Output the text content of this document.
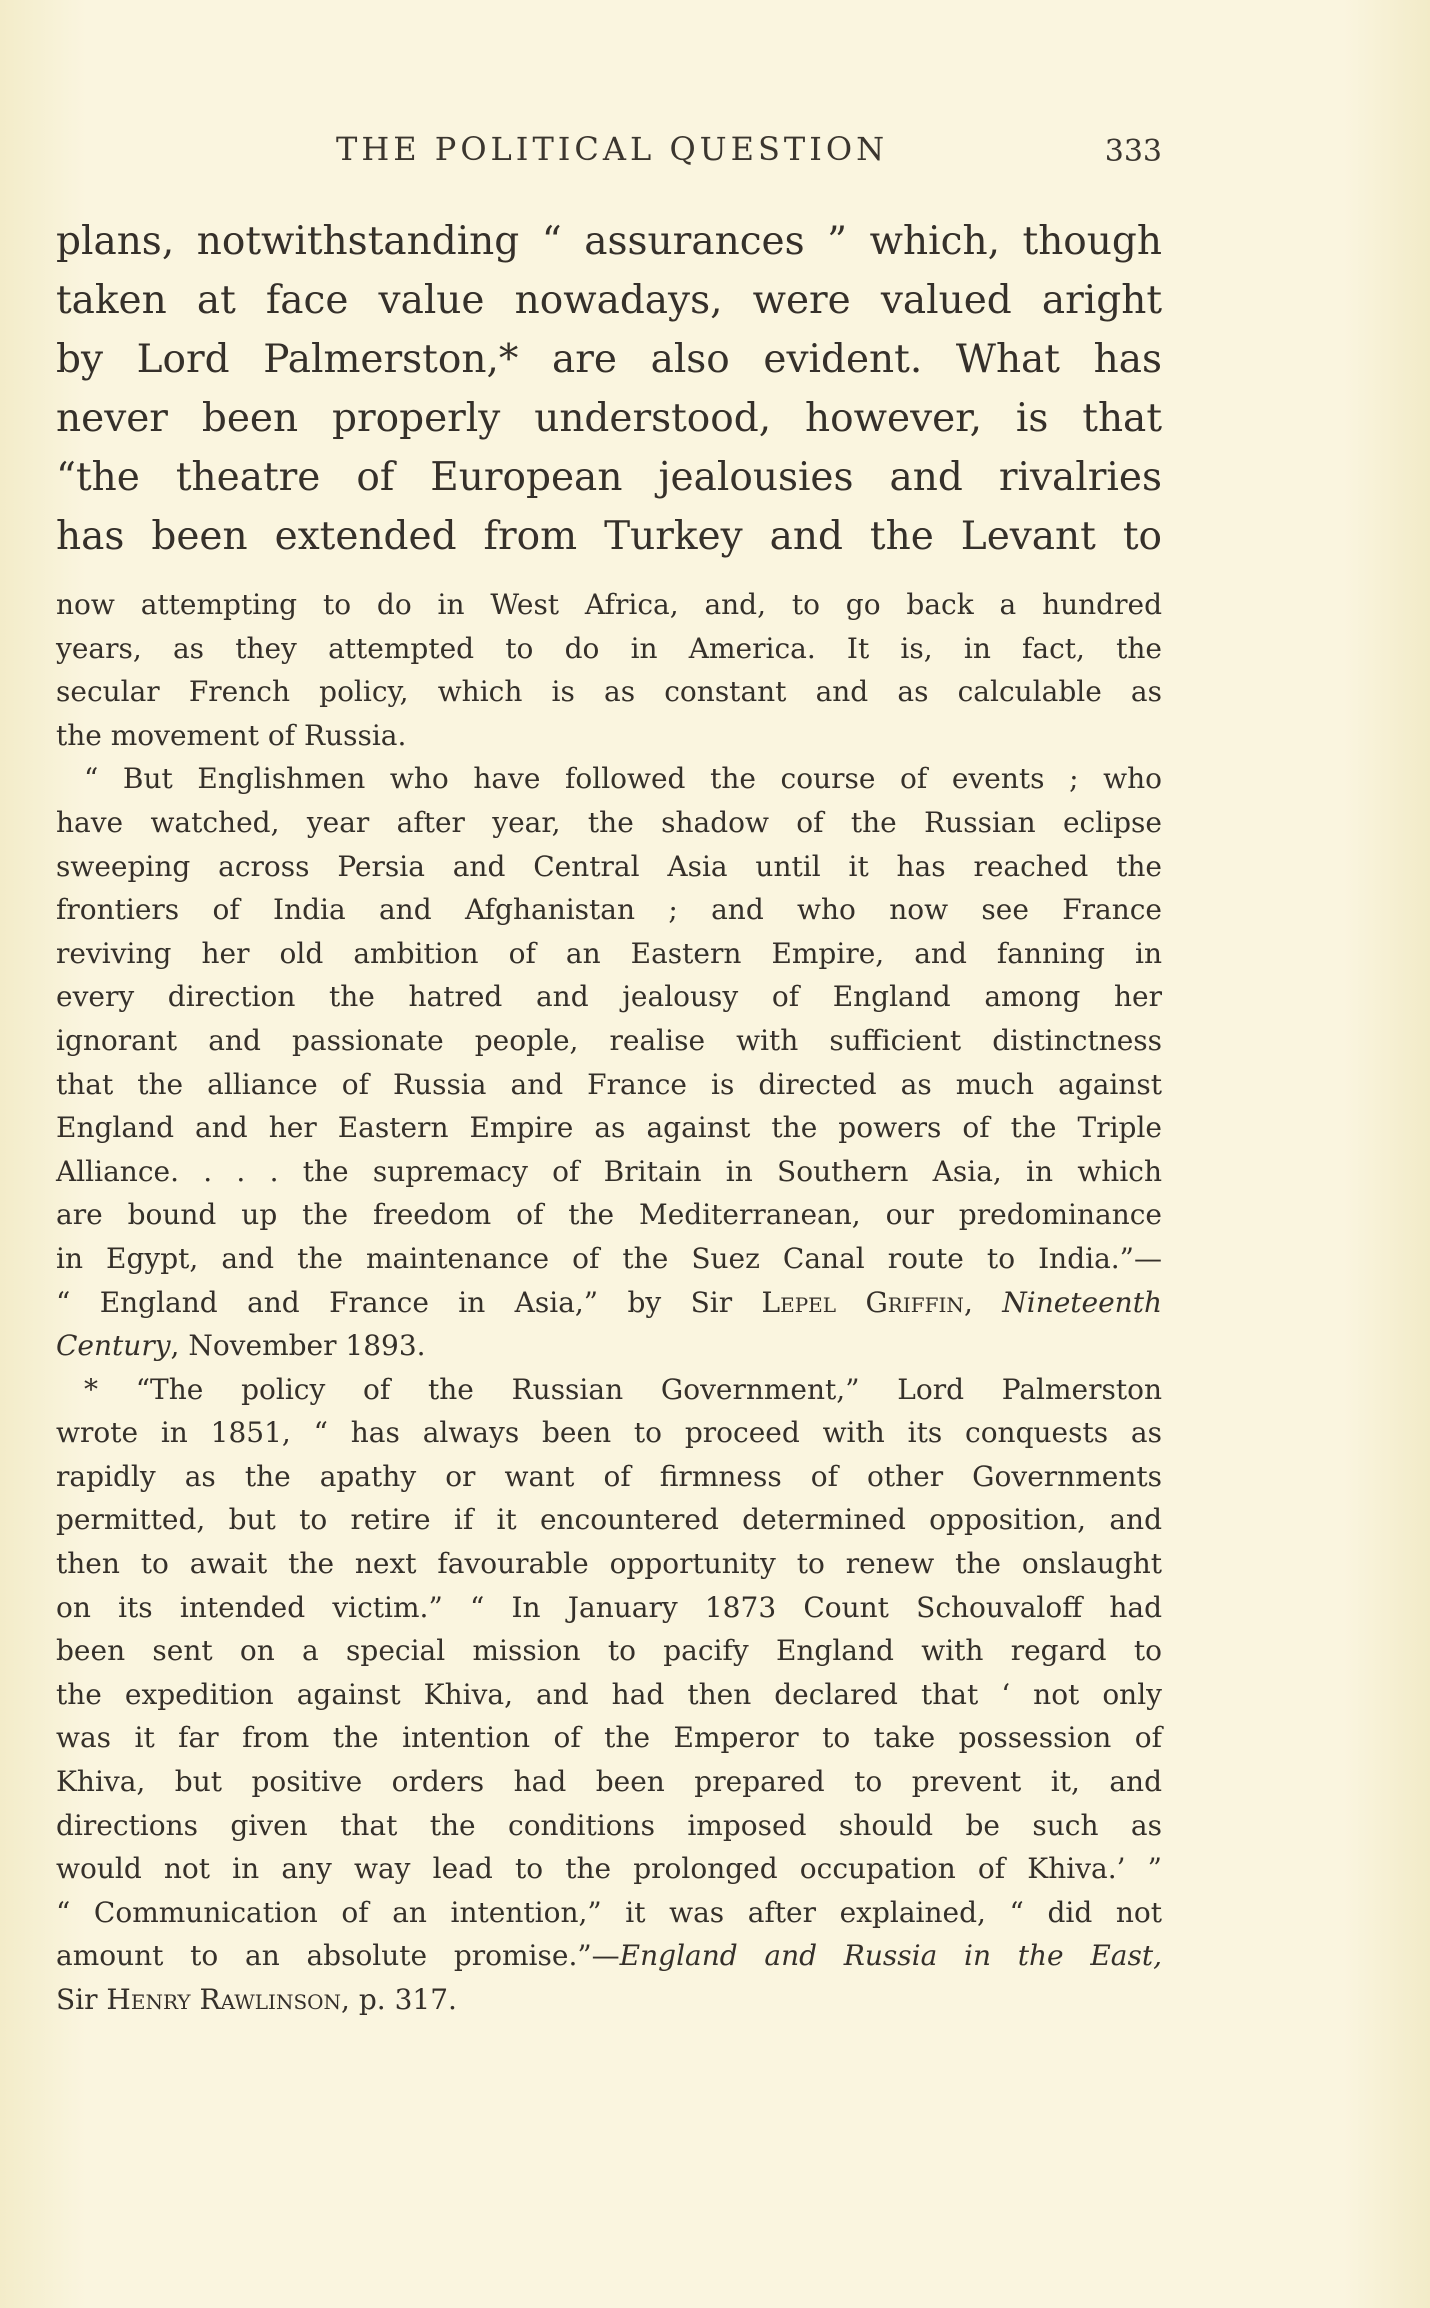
THE POLITICAL QUESTION	333
plans, notwithstanding “ assurances ” which, though
taken at face value nowadays, were valued aright
by Lord Palmerston,* are also evident. What has
never been properly understood, however, is that
“the theatre of European jealousies and rivalries
has been extended from Turkey and the Levant to
now attempting to do in West Africa, and, to go back a hundred
years, as they attempted to do in America. It is, in fact, the
secular French policy, which is as constant and as calculable as
the movement of Russia.
“ But Englishmen who have followed the course of events ; who
have watched, year after year, the shadow of the Russian eclipse
sweeping across Persia and Central Asia until it has reached the
frontiers of India and Afghanistan ; and who now see France
reviving her old ambition of an Eastern Empire, and fanning in
every direction the hatred and jealousy of England among her
ignorant and passionate people, realise with sufficient distinctness
that the alliance of Russia and France is directed as much against
England and her Eastern Empire as against the powers of the Triple
Alliance. . . . the supremacy of Britain in Southern Asia, in which
are bound up the freedom of the Mediterranean, our predominance
in Egypt, and the maintenance of the Suez Canal route to India.”—
“ England and France in Asia,” by Sir Lepel Griffin, Nineteenth
Century, November 1893.
* “The policy of the Russian Government,” Lord Palmerston
wrote in 1851, “ has always been to proceed with its conquests as
rapidly as the apathy or want of firmness of other Governments
permitted, but to retire if it encountered determined opposition, and
then to await the next favourable opportunity to renew the onslaught
on its intended victim.” “ In January 1873 Count Schouvaloff had
been sent on a special mission to pacify England with regard to
the expedition against Khiva, and had then declared that ‘ not only
was it far from the intention of the Emperor to take possession of
Khiva, but positive orders had been prepared to prevent it, and
directions given that the conditions imposed should be such as
would not in any way lead to the prolonged occupation of Khiva.’ ”
“ Communication of an intention,” it was after explained, “ did not
amount to an absolute promise.”—England and Russia in the East,
Sir Henry Rawlinson, p. 317.
